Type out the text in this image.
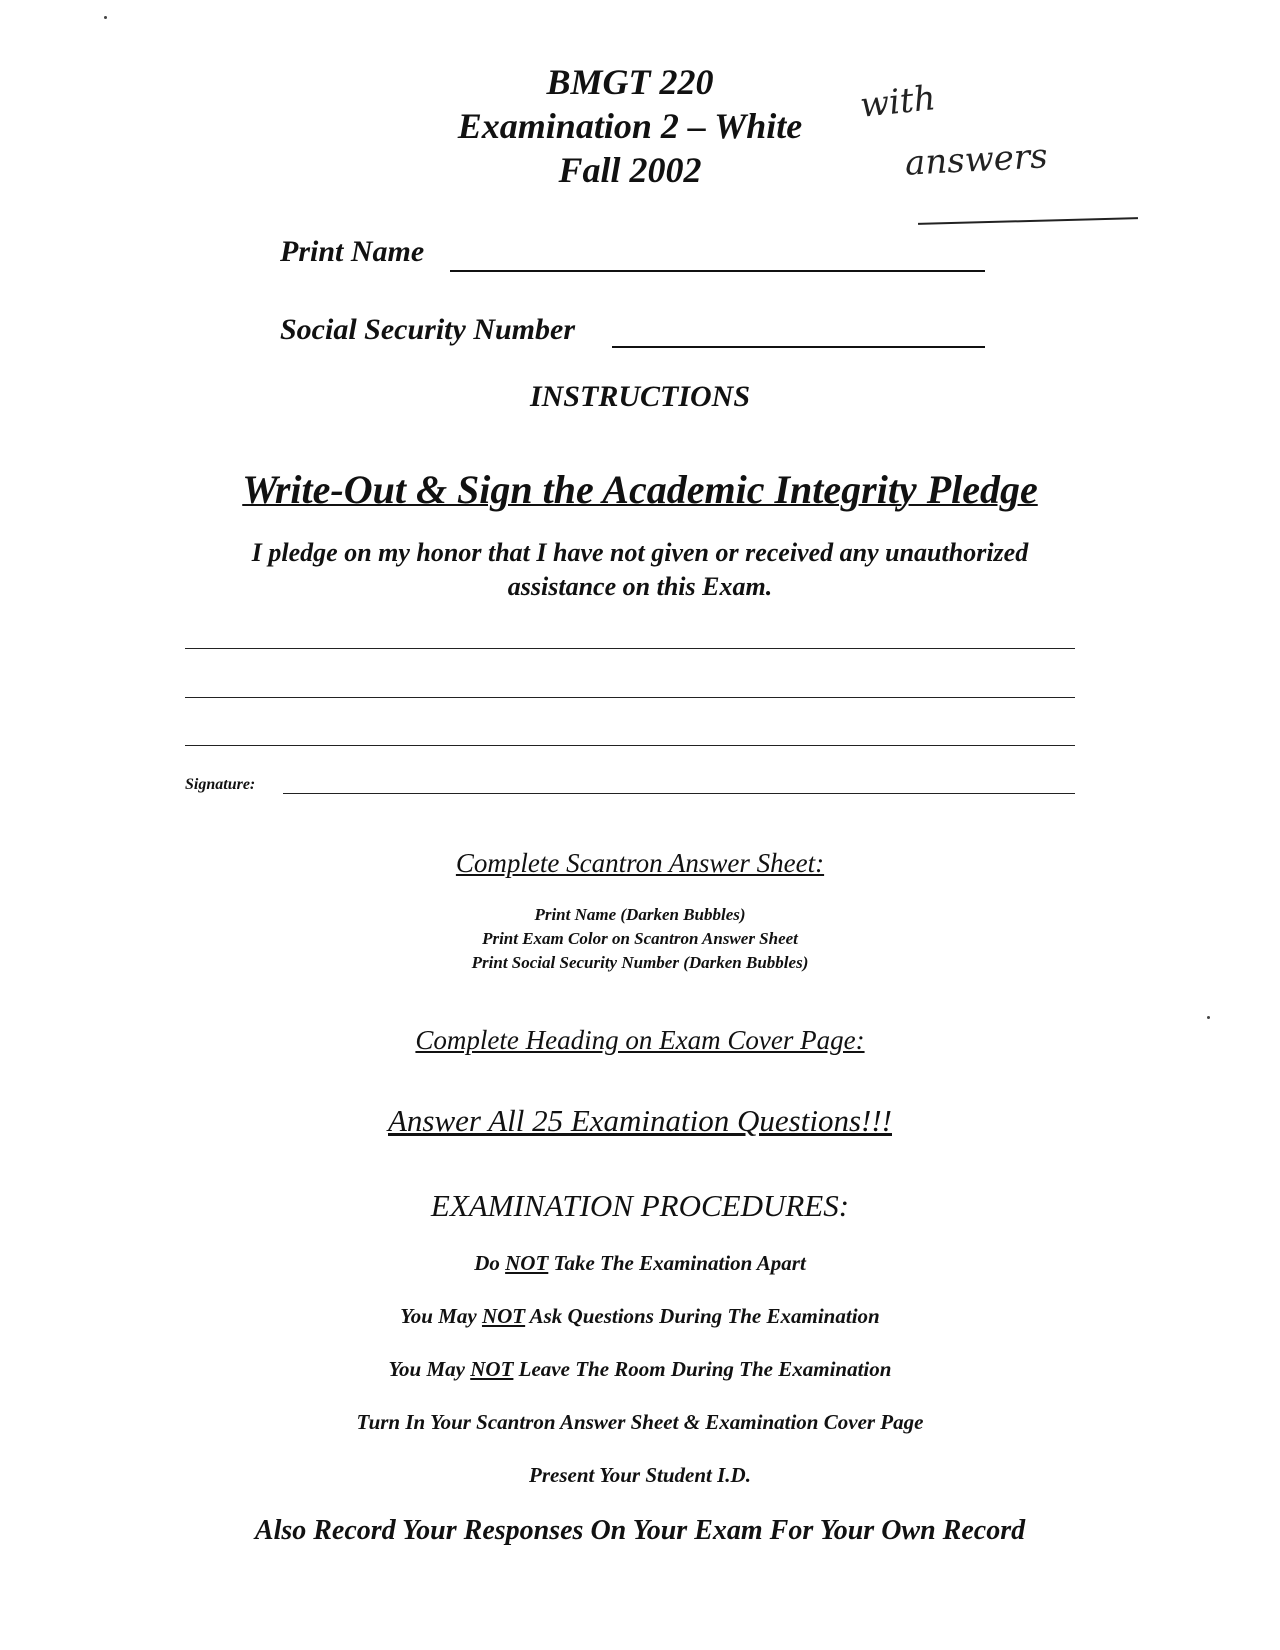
BMGT 220
Examination 2 – White
Fall 2002
with
answers
Print Name
Social Security Number
INSTRUCTIONS
Write-Out & Sign the Academic Integrity Pledge
I pledge on my honor that I have not given or received any unauthorized
assistance on this Exam.
Signature:
Complete Scantron Answer Sheet:
Print Name (Darken Bubbles)
Print Exam Color on Scantron Answer Sheet
Print Social Security Number (Darken Bubbles)
Complete Heading on Exam Cover Page:
Answer All 25 Examination Questions!!!
EXAMINATION PROCEDURES:
Do NOT Take The Examination Apart
You May NOT Ask Questions During The Examination
You May NOT Leave The Room During The Examination
Turn In Your Scantron Answer Sheet & Examination Cover Page
Present Your Student I.D.
Also Record Your Responses On Your Exam For Your Own Record
